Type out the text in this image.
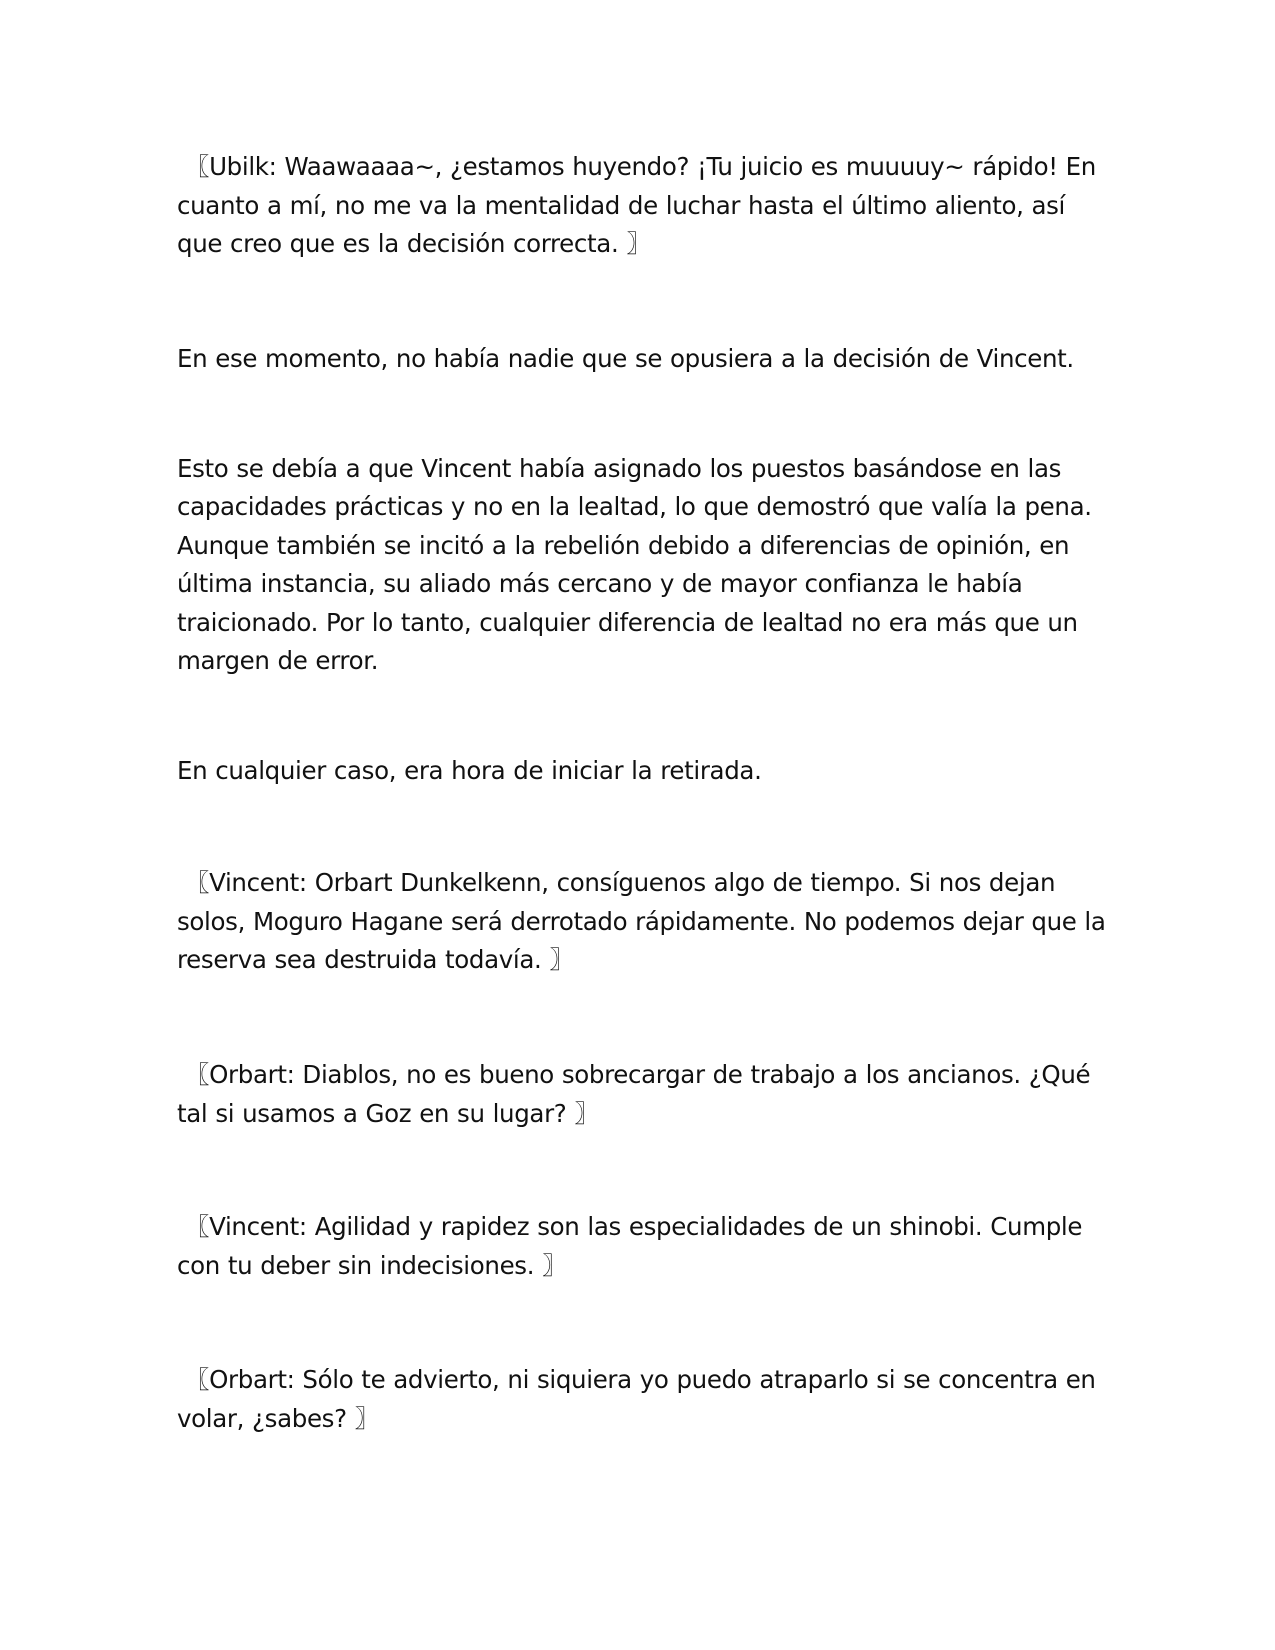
〖Ubilk: Waawaaaa~, ¿estamos huyendo? ¡Tu juicio es muuuuy~ rápido! En cuanto a mí, no me va la mentalidad de luchar hasta el último aliento, así que creo que es la decisión correcta. 〗

En ese momento, no había nadie que se opusiera a la decisión de Vincent.

Esto se debía a que Vincent había asignado los puestos basándose en las capacidades prácticas y no en la lealtad, lo que demostró que valía la pena. Aunque también se incitó a la rebelión debido a diferencias de opinión, en última instancia, su aliado más cercano y de mayor confianza le había traicionado. Por lo tanto, cualquier diferencia de lealtad no era más que un margen de error.

En cualquier caso, era hora de iniciar la retirada.

〖Vincent: Orbart Dunkelkenn, consíguenos algo de tiempo. Si nos dejan solos, Moguro Hagane será derrotado rápidamente. No podemos dejar que la reserva sea destruida todavía. 〗

〖Orbart: Diablos, no es bueno sobrecargar de trabajo a los ancianos. ¿Qué tal si usamos a Goz en su lugar? 〗

〖Vincent: Agilidad y rapidez son las especialidades de un shinobi. Cumple con tu deber sin indecisiones. 〗

〖Orbart: Sólo te advierto, ni siquiera yo puedo atraparlo si se concentra en volar, ¿sabes? 〗
